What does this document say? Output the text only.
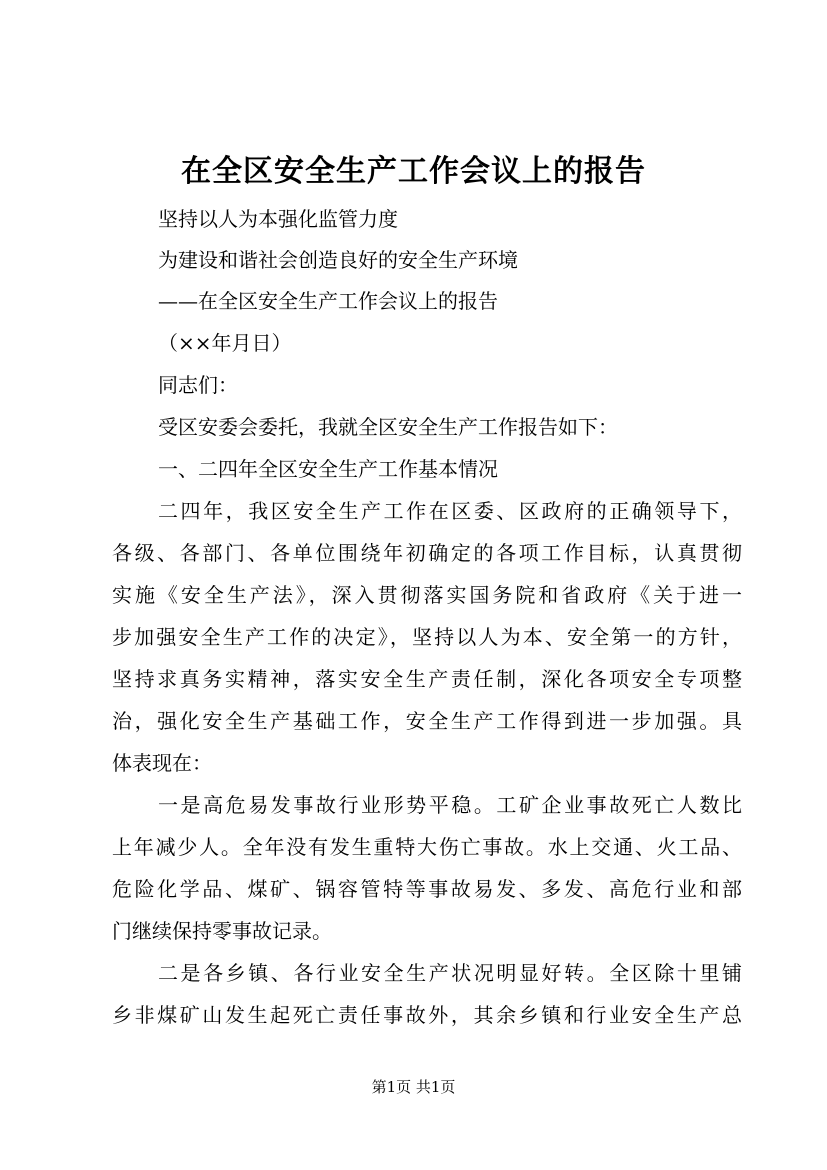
在全区安全生产工作会议上的报告
坚持以人为本强化监管力度
为建设和谐社会创造良好的安全生产环境
——在全区安全生产工作会议上的报告
（××年月日）
同志们：
受区安委会委托，我就全区安全生产工作报告如下：
一、二四年全区安全生产工作基本情况
二四年，我区安全生产工作在区委、区政府的正确领导下，
各级、各部门、各单位围绕年初确定的各项工作目标，认真贯彻
实施《安全生产法》，深入贯彻落实国务院和省政府《关于进一
步加强安全生产工作的决定》，坚持以人为本、安全第一的方针，
坚持求真务实精神，落实安全生产责任制，深化各项安全专项整
治，强化安全生产基础工作，安全生产工作得到进一步加强。具
体表现在：
一是高危易发事故行业形势平稳。工矿企业事故死亡人数比
上年减少人。全年没有发生重特大伤亡事故。水上交通、火工品、
危险化学品、煤矿、锅容管特等事故易发、多发、高危行业和部
门继续保持零事故记录。
二是各乡镇、各行业安全生产状况明显好转。全区除十里铺
乡非煤矿山发生起死亡责任事故外，其余乡镇和行业安全生产总
第1页 共1页
